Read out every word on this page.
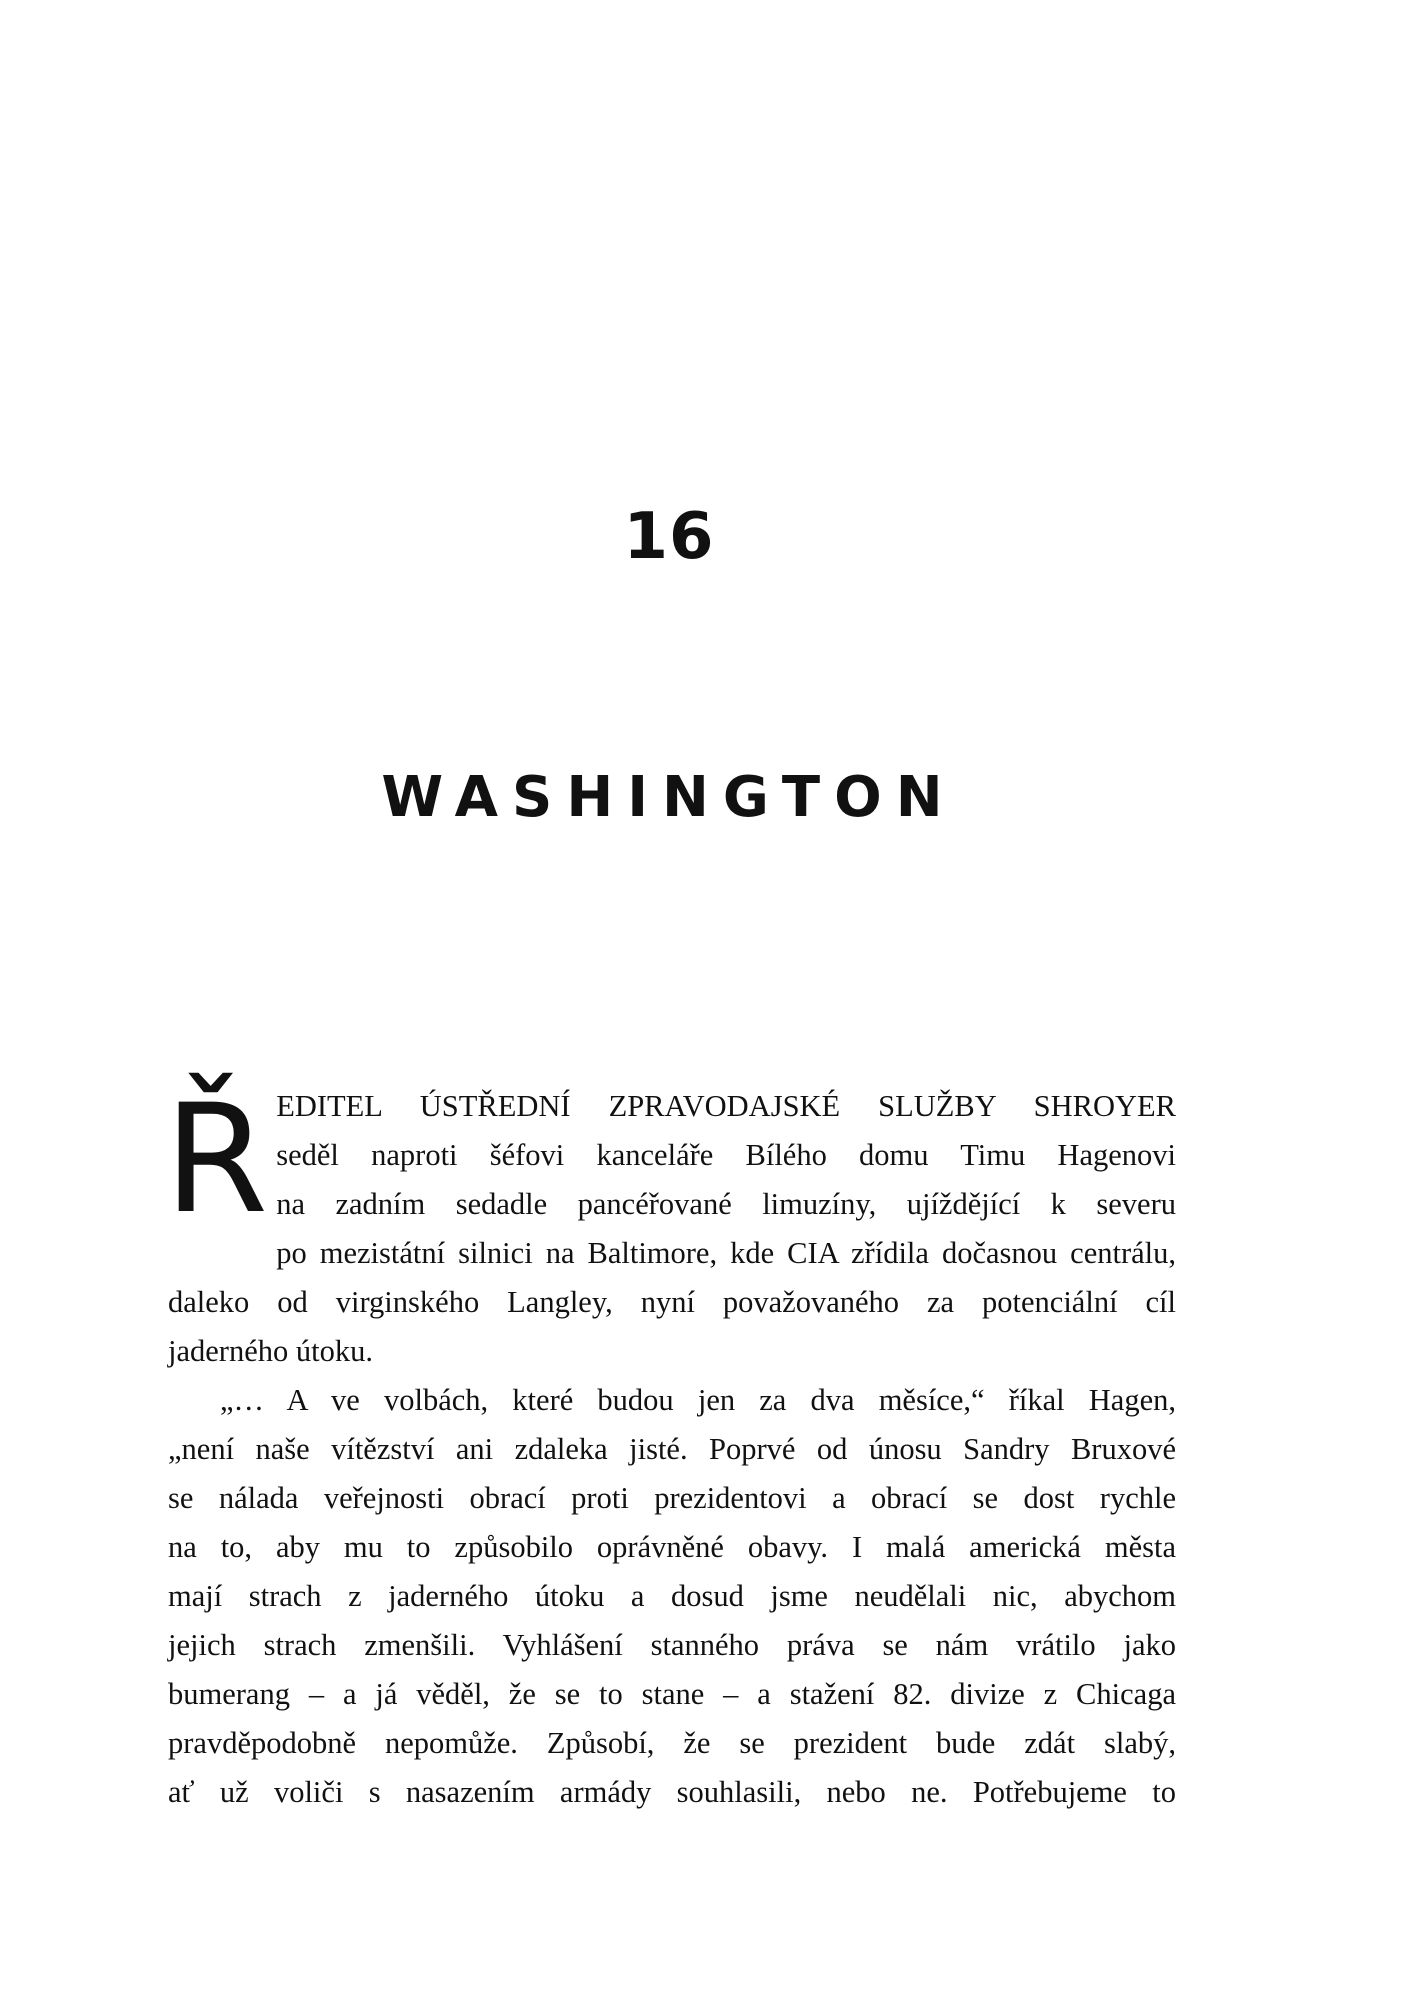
16
WASHINGTON

Ř EDITEL ÚSTŘEDNÍ ZPRAVODAJSKÉ SLUŽBY SHROYER
seděl naproti šéfovi kanceláře Bílého domu Timu Hagenovi
na zadním sedadle pancéřované limuzíny, ujíždějící k severu
po mezistátní silnici na Baltimore, kde CIA zřídila dočasnou centrálu,
daleko od virginského Langley, nyní považovaného za potenciální cíl
jaderného útoku.

„… A ve volbách, které budou jen za dva měsíce,“ říkal Hagen,
„není naše vítězství ani zdaleka jisté. Poprvé od únosu Sandry Bruxové
se nálada veřejnosti obrací proti prezidentovi a obrací se dost rychle
na to, aby mu to způsobilo oprávněné obavy. I malá americká města
mají strach z jaderného útoku a dosud jsme neudělali nic, abychom
jejich strach zmenšili. Vyhlášení stanného práva se nám vrátilo jako
bumerang – a já věděl, že se to stane – a stažení 82. divize z Chicaga
pravděpodobně nepomůže. Způsobí, že se prezident bude zdát slabý,
ať už voliči s nasazením armády souhlasili, nebo ne. Potřebujeme to
